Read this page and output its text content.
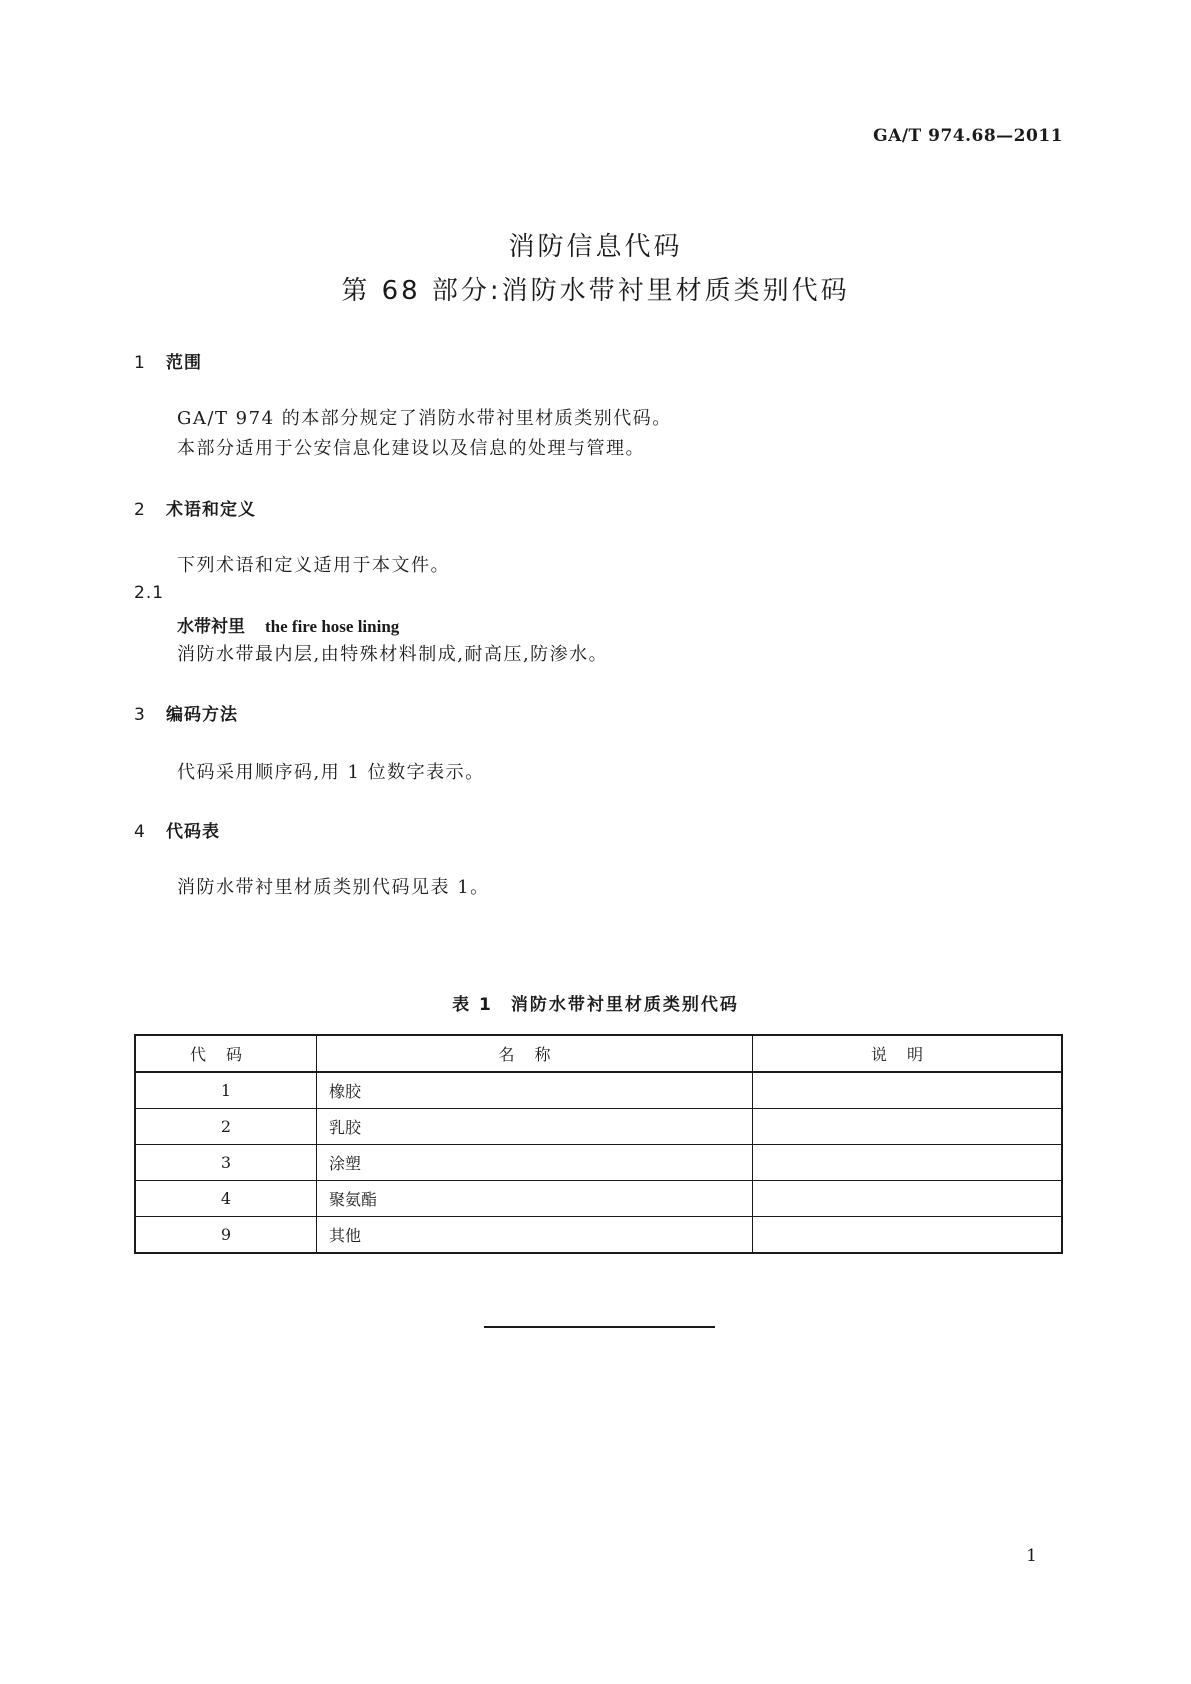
GA/T 974.68—2011
消防信息代码
第 68 部分:消防水带衬里材质类别代码
1 范围
GA/T 974 的本部分规定了消防水带衬里材质类别代码。
本部分适用于公安信息化建设以及信息的处理与管理。
2 术语和定义
下列术语和定义适用于本文件。
2.1
水带衬里 the fire hose lining
消防水带最内层,由特殊材料制成,耐高压,防渗水。
3 编码方法
代码采用顺序码,用 1 位数字表示。
4 代码表
消防水带衬里材质类别代码见表 1。
表 1 消防水带衬里材质类别代码
代码	名称	说明
1	橡胶	
2	乳胶	
3	涂塑	
4	聚氨酯	
9	其他	
1
